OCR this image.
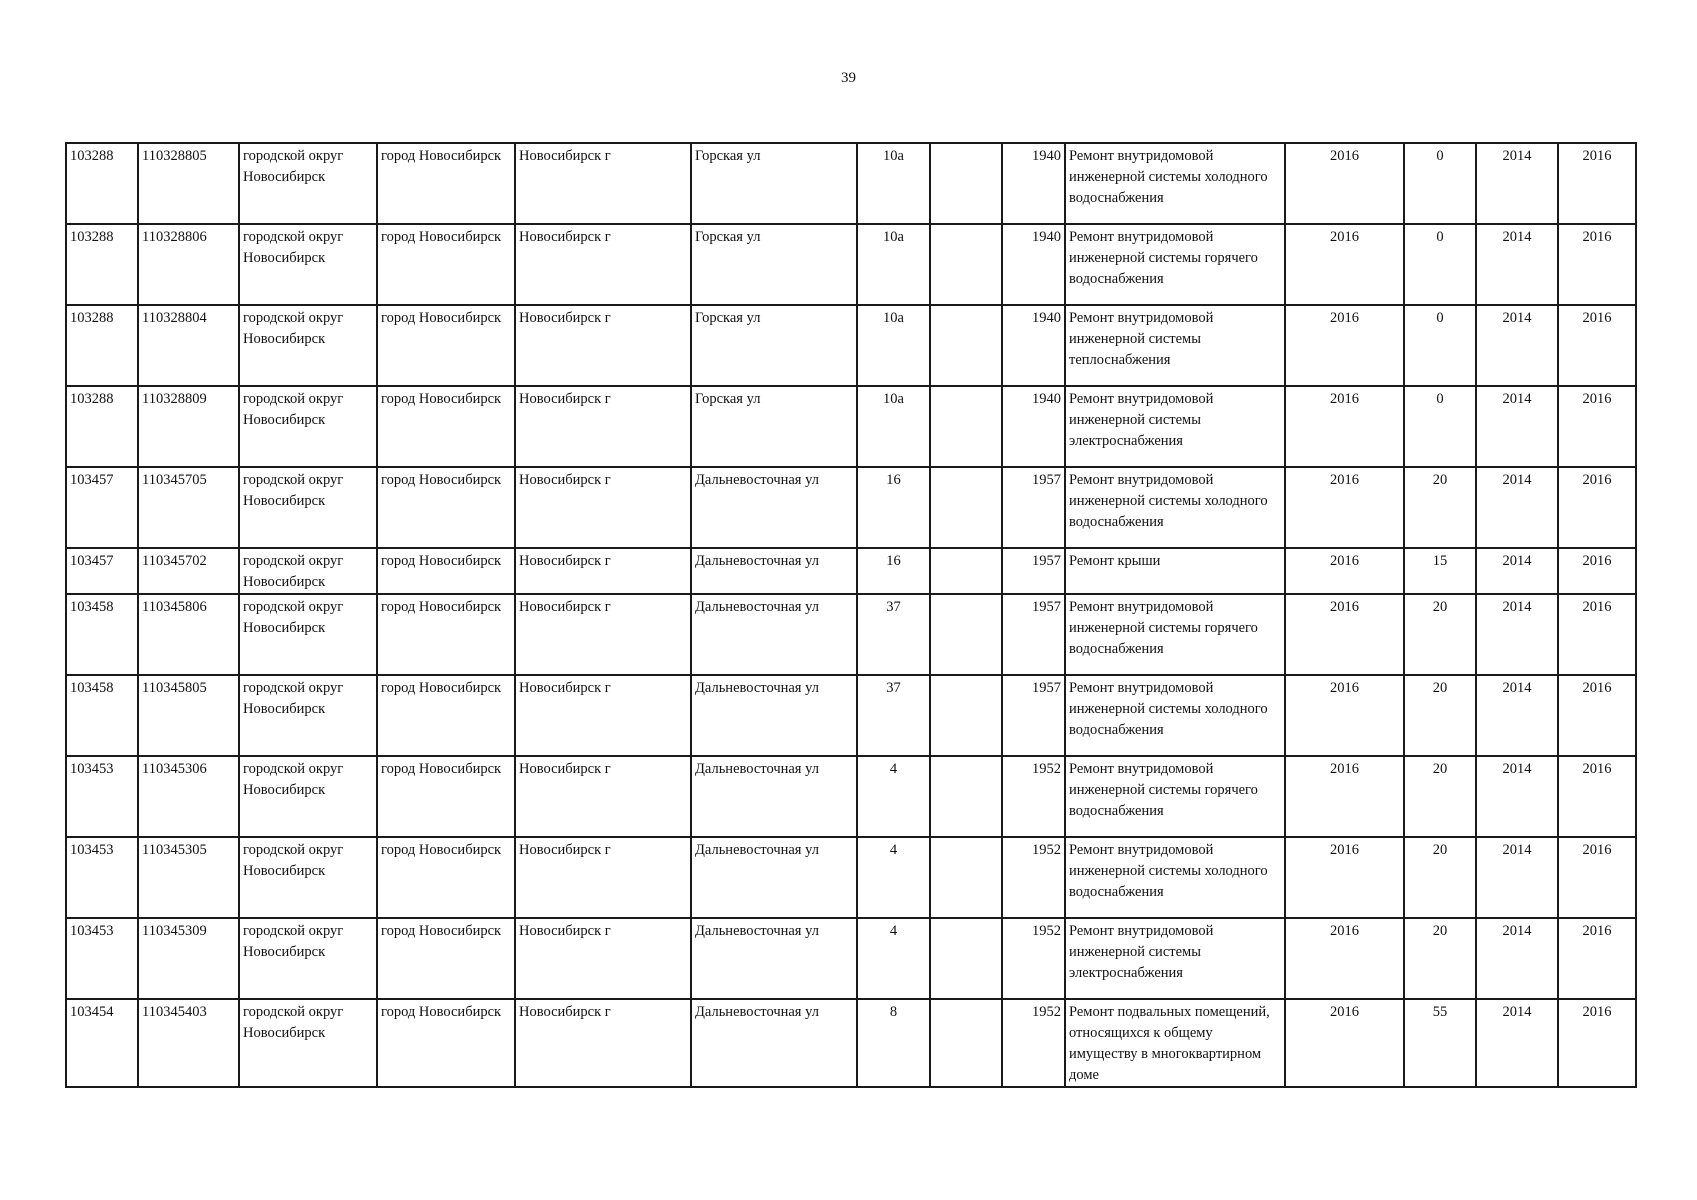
39
103288	110328805	городской округ Новосибирск	город Новосибирск	Новосибирск г	Горская ул	10а		1940	Ремонт внутридомовой инженерной системы холодного водоснабжения	2016	0	2014	2016
103288	110328806	городской округ Новосибирск	город Новосибирск	Новосибирск г	Горская ул	10а		1940	Ремонт внутридомовой инженерной системы горячего водоснабжения	2016	0	2014	2016
103288	110328804	городской округ Новосибирск	город Новосибирск	Новосибирск г	Горская ул	10а		1940	Ремонт внутридомовой инженерной системы теплоснабжения	2016	0	2014	2016
103288	110328809	городской округ Новосибирск	город Новосибирск	Новосибирск г	Горская ул	10а		1940	Ремонт внутридомовой инженерной системы электроснабжения	2016	0	2014	2016
103457	110345705	городской округ Новосибирск	город Новосибирск	Новосибирск г	Дальневосточная ул	16		1957	Ремонт внутридомовой инженерной системы холодного водоснабжения	2016	20	2014	2016
103457	110345702	городской округ Новосибирск	город Новосибирск	Новосибирск г	Дальневосточная ул	16		1957	Ремонт крыши	2016	15	2014	2016
103458	110345806	городской округ Новосибирск	город Новосибирск	Новосибирск г	Дальневосточная ул	37		1957	Ремонт внутридомовой инженерной системы горячего водоснабжения	2016	20	2014	2016
103458	110345805	городской округ Новосибирск	город Новосибирск	Новосибирск г	Дальневосточная ул	37		1957	Ремонт внутридомовой инженерной системы холодного водоснабжения	2016	20	2014	2016
103453	110345306	городской округ Новосибирск	город Новосибирск	Новосибирск г	Дальневосточная ул	4		1952	Ремонт внутридомовой инженерной системы горячего водоснабжения	2016	20	2014	2016
103453	110345305	городской округ Новосибирск	город Новосибирск	Новосибирск г	Дальневосточная ул	4		1952	Ремонт внутридомовой инженерной системы холодного водоснабжения	2016	20	2014	2016
103453	110345309	городской округ Новосибирск	город Новосибирск	Новосибирск г	Дальневосточная ул	4		1952	Ремонт внутридомовой инженерной системы электроснабжения	2016	20	2014	2016
103454	110345403	городской округ Новосибирск	город Новосибирск	Новосибирск г	Дальневосточная ул	8		1952	Ремонт подвальных помещений, относящихся к общему имуществу в многоквартирном доме	2016	55	2014	2016
